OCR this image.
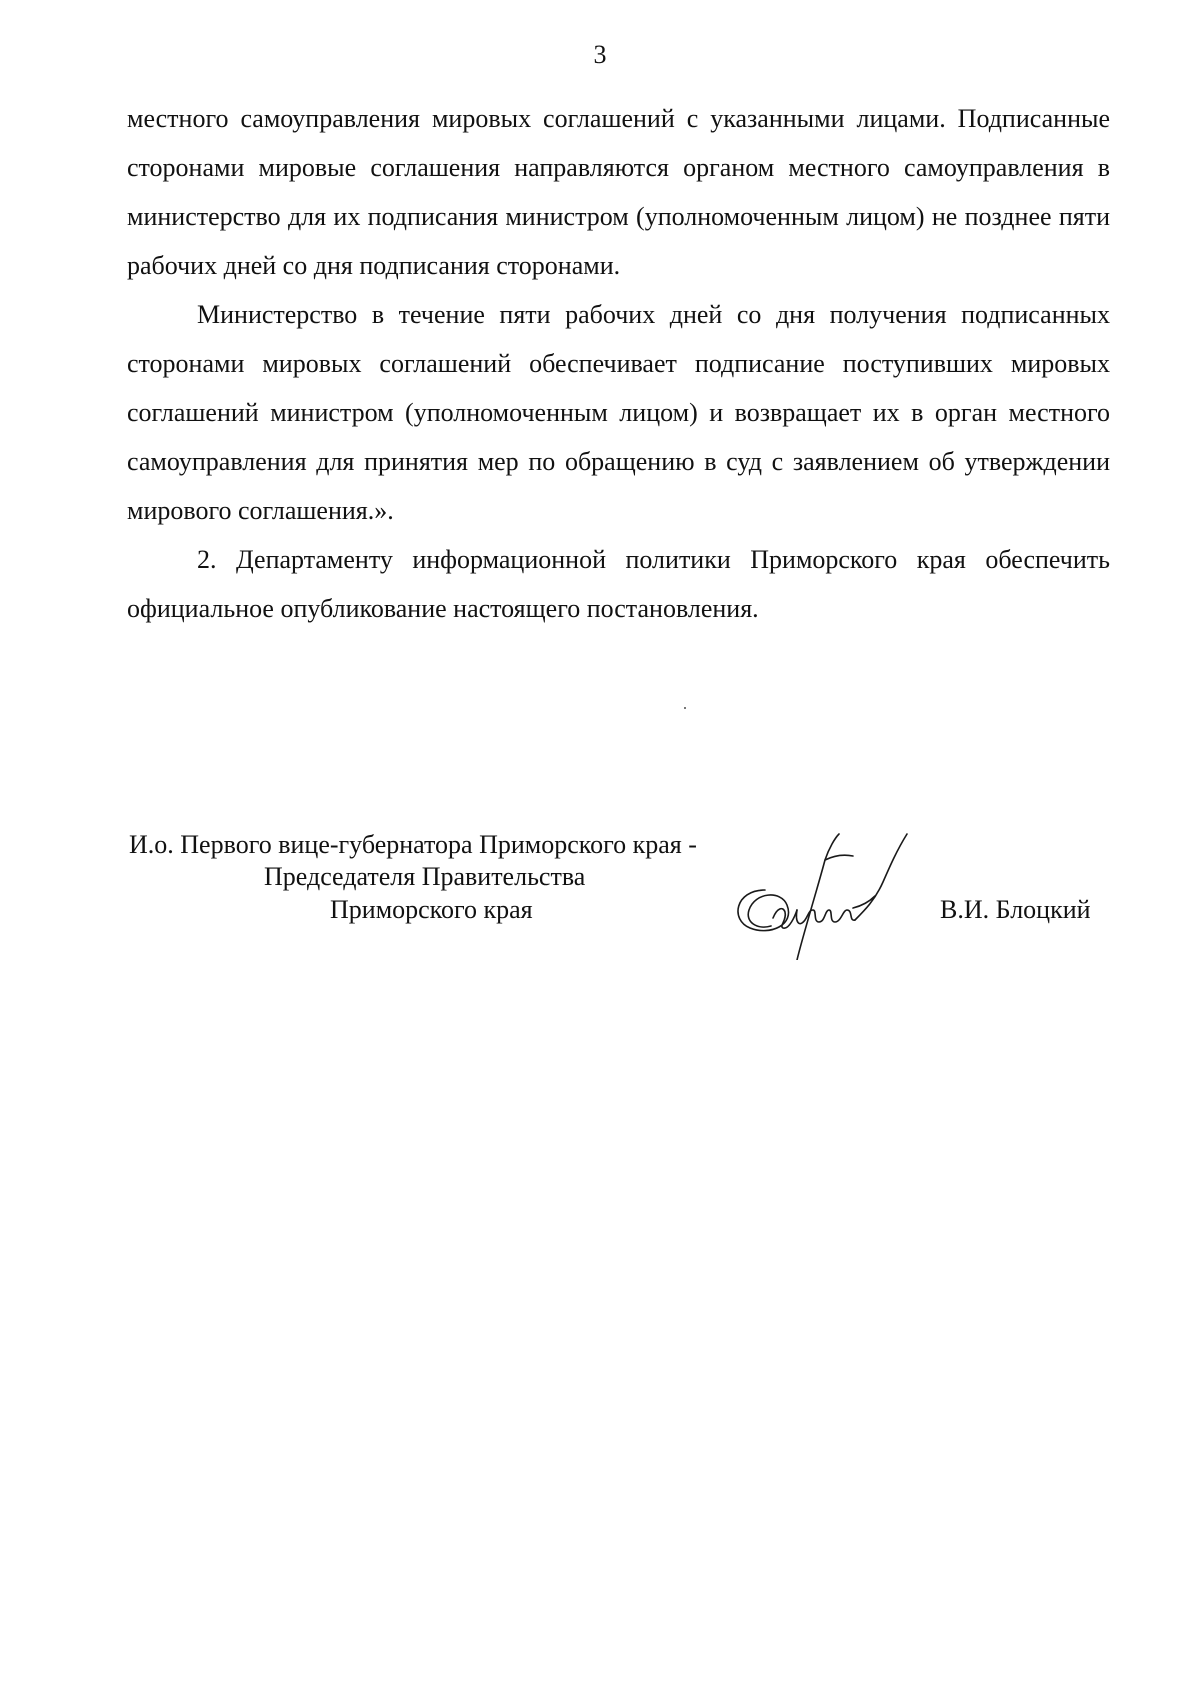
3

местного самоуправления мировых соглашений с указанными лицами. Подписанные сторонами мировые соглашения направляются органом местного самоуправления в министерство для их подписания министром (уполномоченным лицом) не позднее пяти рабочих дней со дня подписания сторонами.

Министерство в течение пяти рабочих дней со дня получения подписанных сторонами мировых соглашений обеспечивает подписание поступивших мировых соглашений министром (уполномоченным лицом) и возвращает их в орган местного самоуправления для принятия мер по обращению в суд с заявлением об утверждении мирового соглашения.».

2. Департаменту информационной политики Приморского края обеспечить официальное опубликование настоящего постановления.

И.о. Первого вице-губернатора Приморского края -
Председателя Правительства
Приморского края	В.И. Блоцкий
